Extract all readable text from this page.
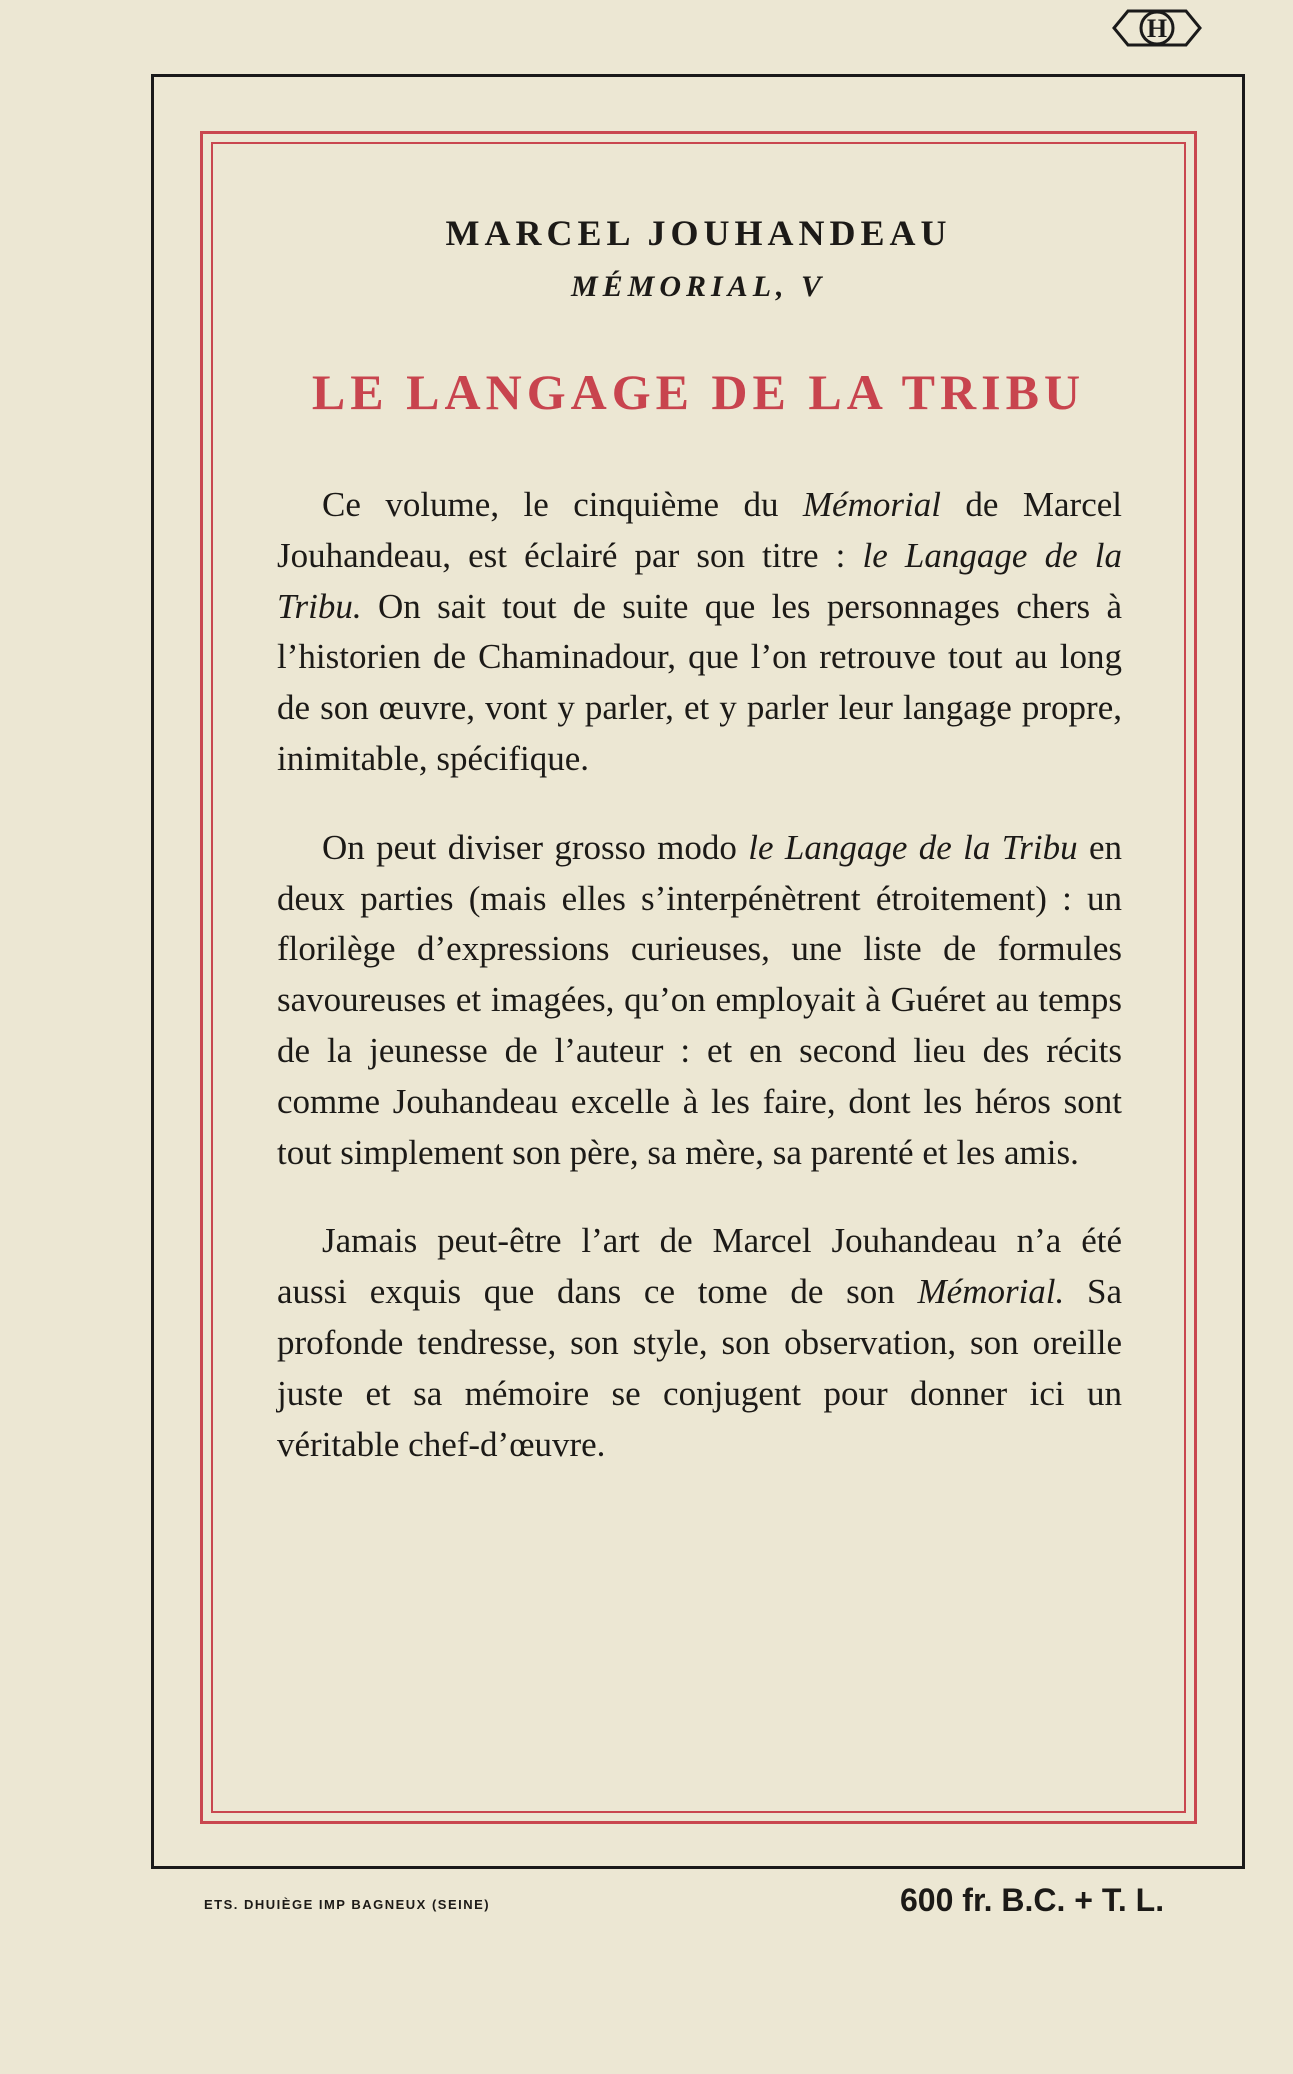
H
MARCEL JOUHANDEAU
MÉMORIAL, V
LE LANGAGE DE LA TRIBU

Ce volume, le cinquième du Mémorial de Marcel Jouhandeau, est éclairé par son titre : le Langage de la Tribu. On sait tout de suite que les personnages chers à l’historien de Chaminadour, que l’on retrouve tout au long de son œuvre, vont y parler, et y parler leur langage propre, inimitable, spécifique.

On peut diviser grosso modo le Langage de la Tribu en deux parties (mais elles s’interpénètrent étroitement) : un florilège d’expressions curieuses, une liste de formules savoureuses et imagées, qu’on employait à Guéret au temps de la jeunesse de l’auteur : et en second lieu des récits comme Jouhandeau excelle à les faire, dont les héros sont tout simplement son père, sa mère, sa parenté et les amis.

Jamais peut-être l’art de Marcel Jouhandeau n’a été aussi exquis que dans ce tome de son Mémorial. Sa profonde tendresse, son style, son observation, son oreille juste et sa mémoire se conjugent pour donner ici un véritable chef-d’œuvre.

ETS. DHUIÈGE IMP BAGNEUX (SEINE)	600 fr. B.C. + T. L.
